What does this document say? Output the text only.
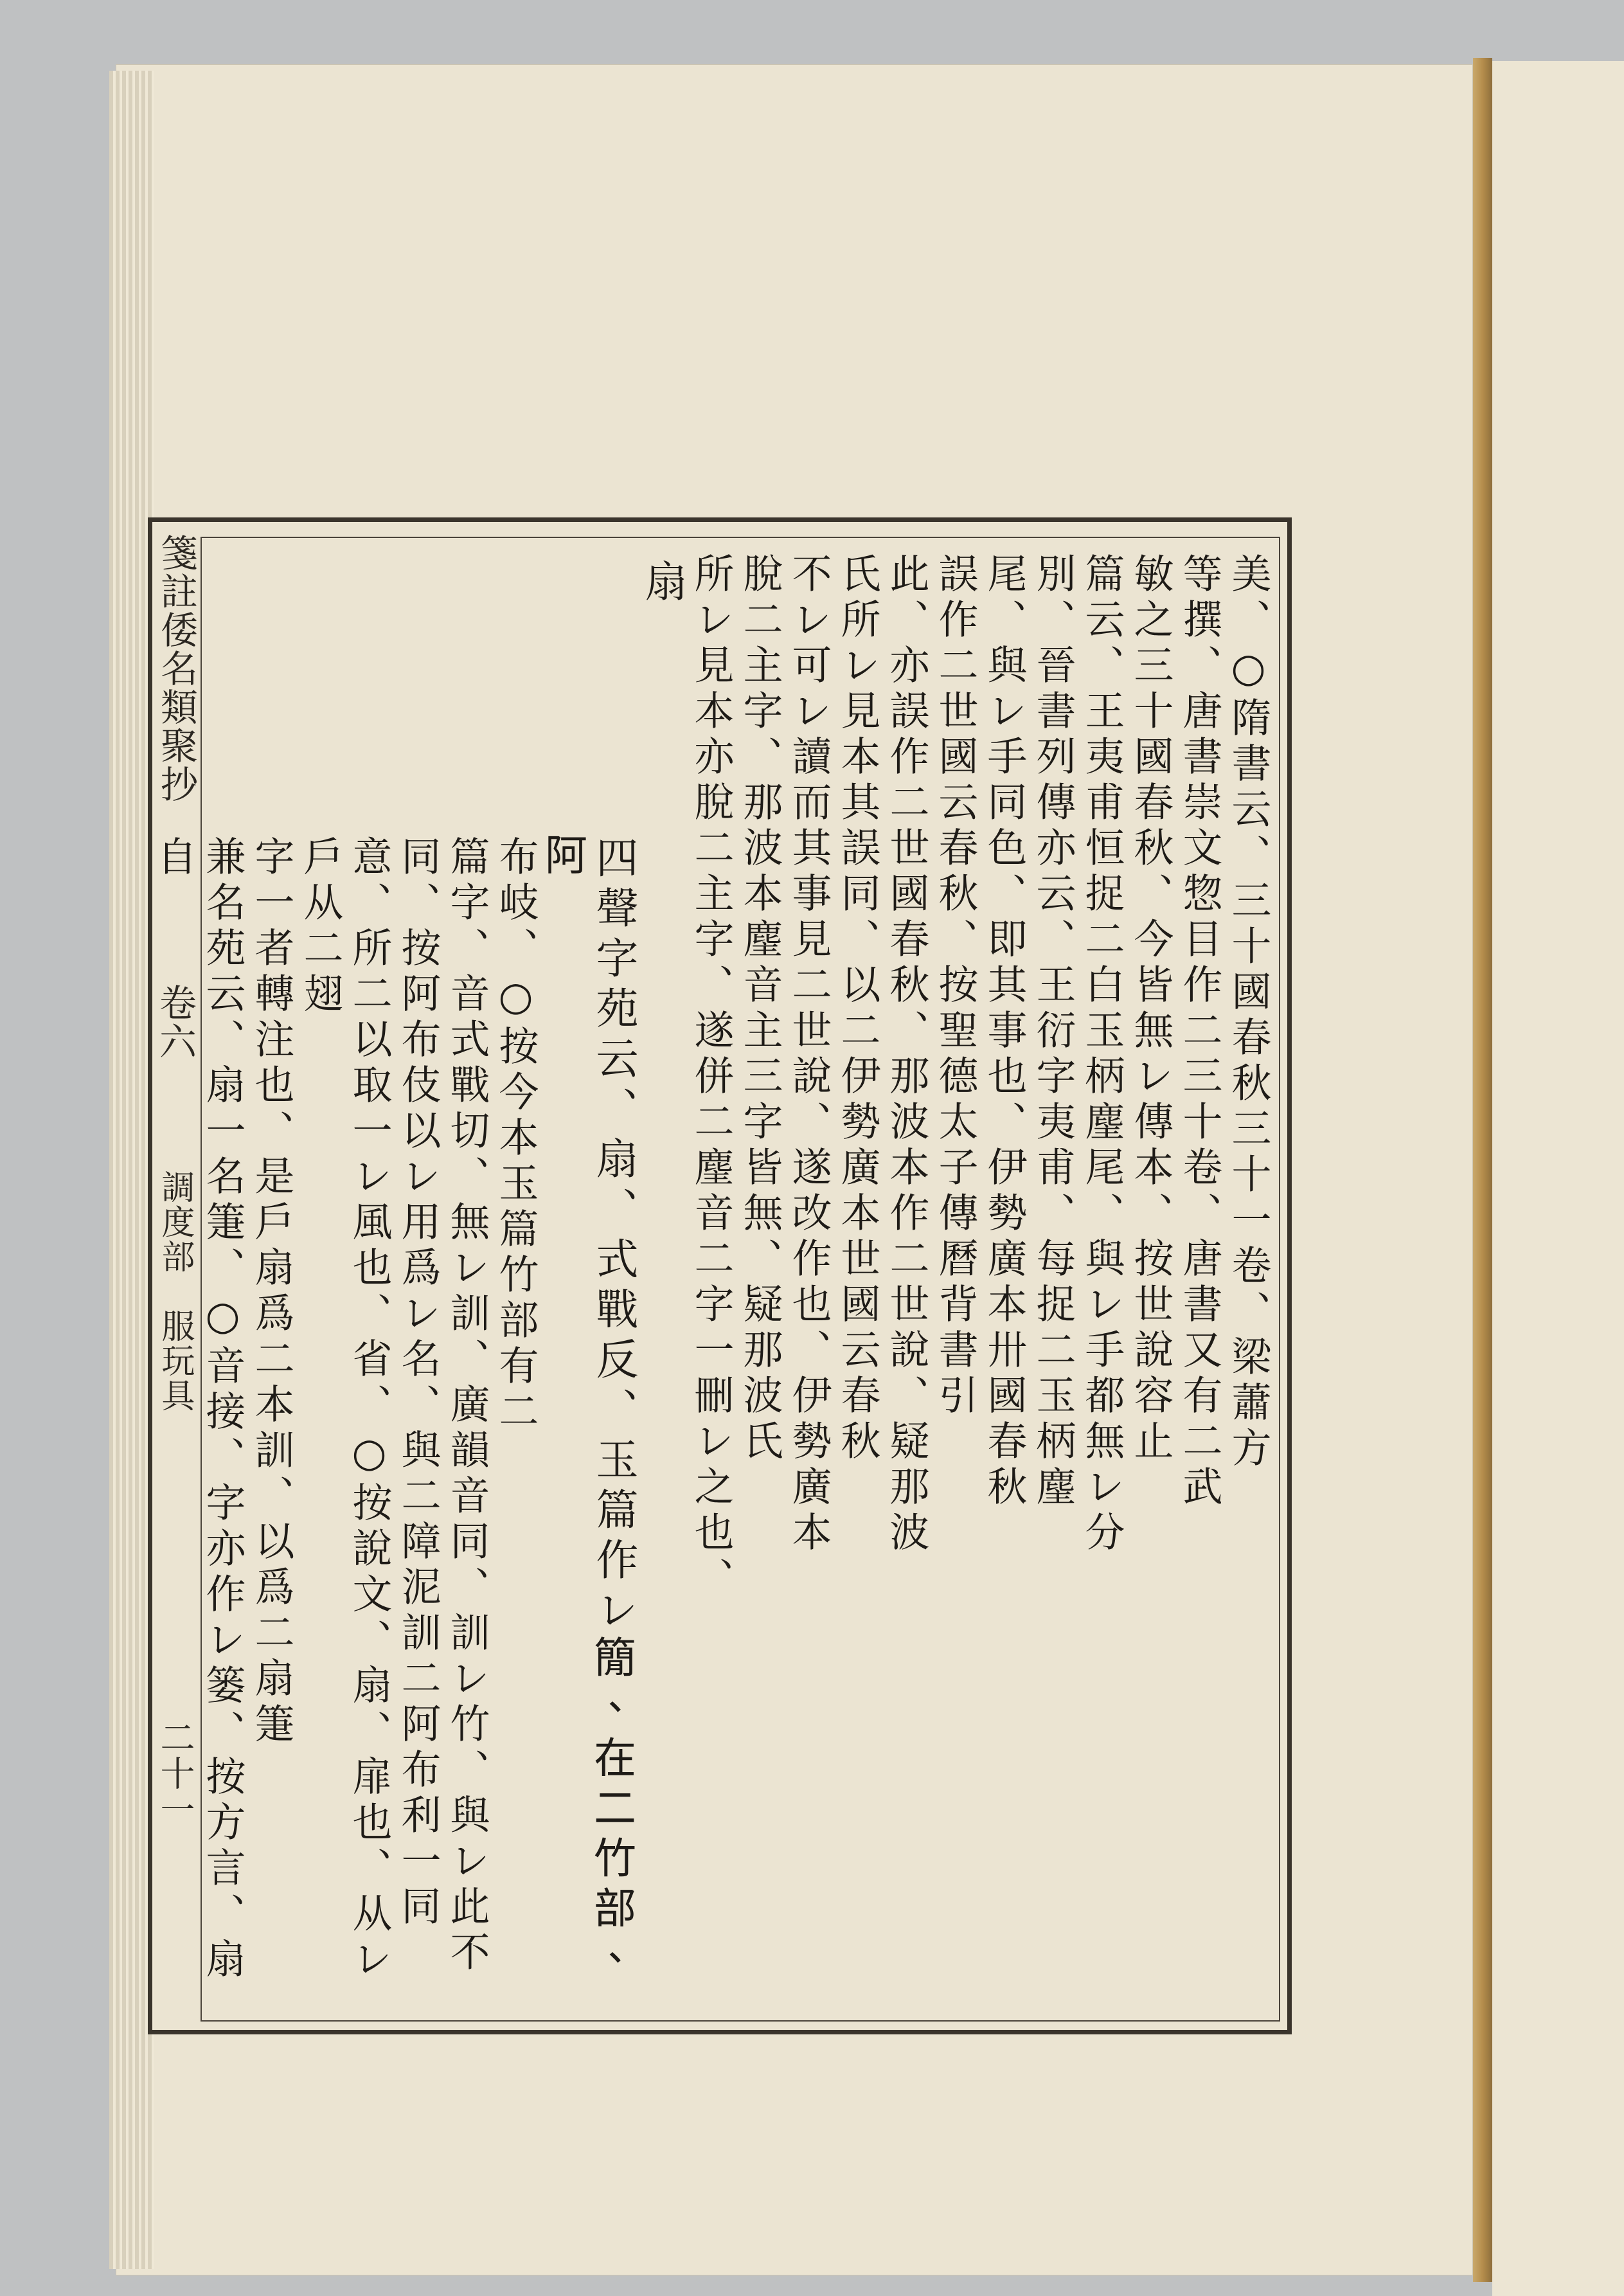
箋註倭名類聚抄
卷六
調度部　服玩具
二十一

美、○隋書云、三十國春秋三十一卷、梁蕭方

等撰、唐書崇文惣目作二三十卷、唐書又有二武

敏之三十國春秋、今皆無レ傳本、按世說容止

篇云、王夷甫恒捉二白玉柄麈尾、與レ手都無レ分

別、晉書列傳亦云、王衍字夷甫、每捉二玉柄麈

尾、與レ手同色、即其事也、伊勢廣本卅國春秋

誤作二世國云春秋、按聖德太子傳曆背書引

此、亦誤作二世國春秋、那波本作二世說、疑那波

氏所レ見本其誤同、以二伊勢廣本世國云春秋

不レ可レ讀而其事見二世說、遂改作也、伊勢廣本

脫二主字、那波本麈音主三字皆無、疑那波氏

所レ見本亦脫二主字、遂併二麈音二字一刪レ之也、

扇

四聲字苑云、扇、式戰反、玉篇作レ𥳑、在二竹部、阿

布岐、○按今本玉篇竹部有二

篇字、音式戰切、無レ訓、廣韻音同、訓レ竹、與レ此不

同、按阿布伎以レ用爲レ名、與二障泥訓二阿布利一同

意、所二以取一レ風也、省、○按說文、扇、扉也、从レ戶从二翅

字一者轉注也、是戶扇爲二本訓、以爲二扇箑

兼名苑云、扇一名箑、○音接、字亦作レ篓、按方言、扇自
